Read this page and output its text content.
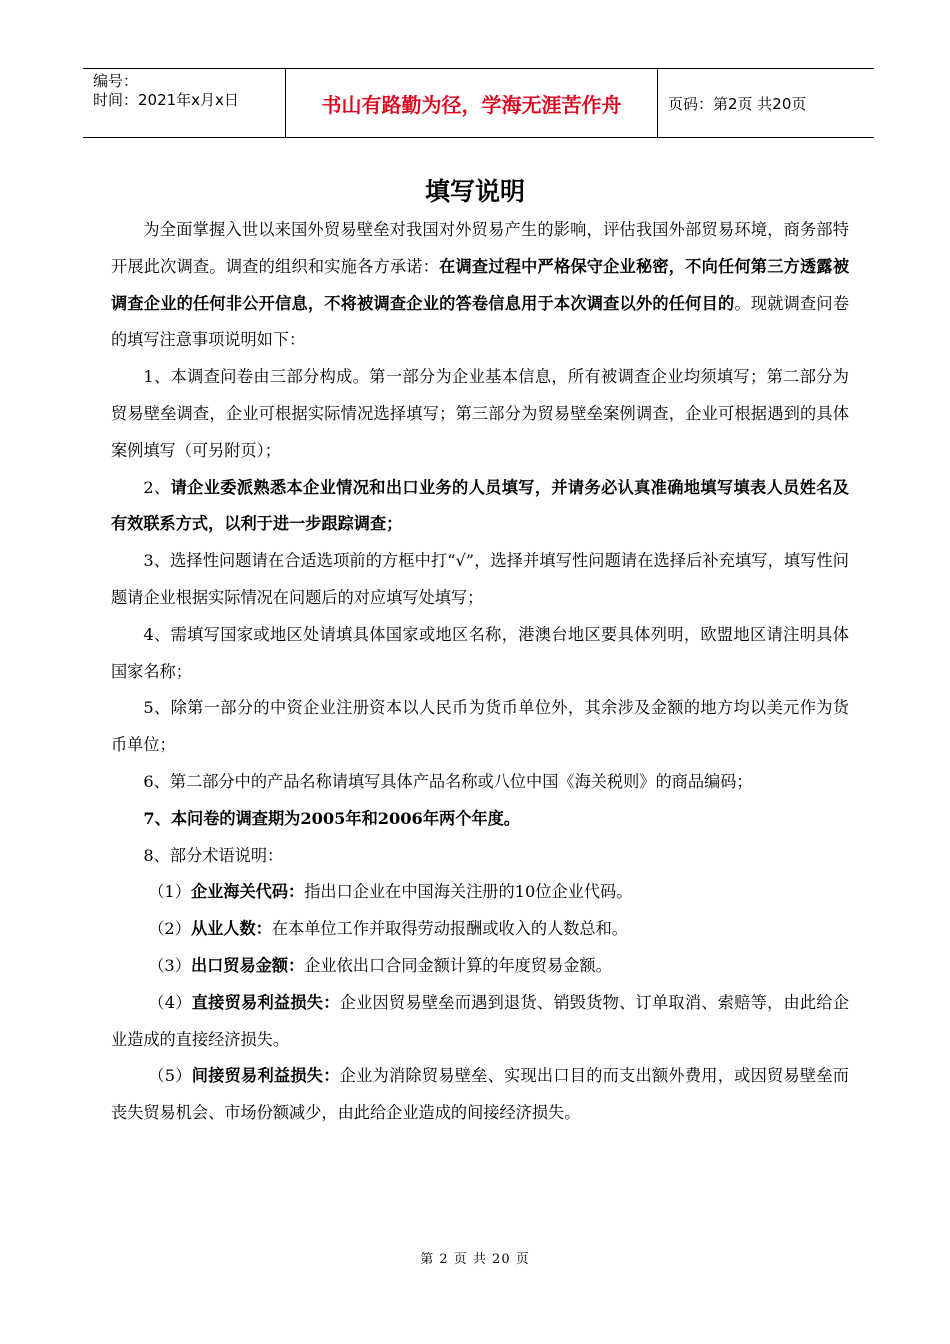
编号：
时间：2021年x月x日	书山有路勤为径，学海无涯苦作舟	页码：第2页 共20页
填写说明

为全面掌握入世以来国外贸易壁垒对我国对外贸易产生的影响，评估我国外部贸易环境，商务部特开展此次调查。调查的组织和实施各方承诺：在调查过程中严格保守企业秘密，不向任何第三方透露被调查企业的任何非公开信息，不将被调查企业的答卷信息用于本次调查以外的任何目的。现就调查问卷的填写注意事项说明如下：

1、本调查问卷由三部分构成。第一部分为企业基本信息，所有被调查企业均须填写；第二部分为贸易壁垒调查，企业可根据实际情况选择填写；第三部分为贸易壁垒案例调查，企业可根据遇到的具体案例填写（可另附页）；

2、请企业委派熟悉本企业情况和出口业务的人员填写，并请务必认真准确地填写填表人员姓名及有效联系方式，以利于进一步跟踪调查；

3、选择性问题请在合适选项前的方框中打“√”，选择并填写性问题请在选择后补充填写，填写性问题请企业根据实际情况在问题后的对应填写处填写；

4、需填写国家或地区处请填具体国家或地区名称，港澳台地区要具体列明，欧盟地区请注明具体国家名称；

5、除第一部分的中资企业注册资本以人民币为货币单位外，其余涉及金额的地方均以美元作为货币单位；

6、第二部分中的产品名称请填写具体产品名称或八位中国《海关税则》的商品编码；

7、本问卷的调查期为2005年和2006年两个年度。

8、部分术语说明：

（1）企业海关代码：指出口企业在中国海关注册的10位企业代码。

（2）从业人数：在本单位工作并取得劳动报酬或收入的人数总和。

（3）出口贸易金额：企业依出口合同金额计算的年度贸易金额。

（4）直接贸易利益损失：企业因贸易壁垒而遇到退货、销毁货物、订单取消、索赔等，由此给企业造成的直接经济损失。

（5）间接贸易利益损失：企业为消除贸易壁垒、实现出口目的而支出额外费用，或因贸易壁垒而丧失贸易机会、市场份额减少，由此给企业造成的间接经济损失。

第 2 页 共 20 页
